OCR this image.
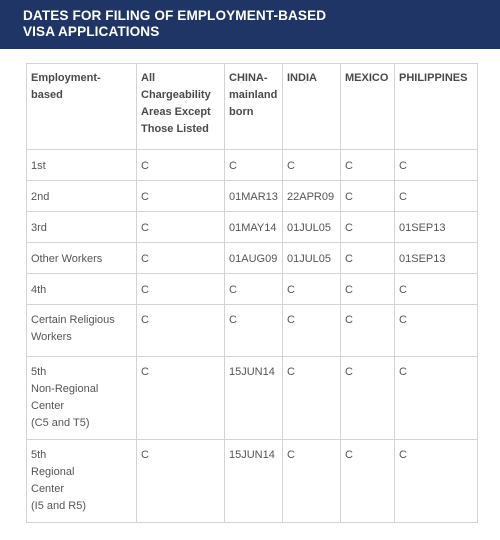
DATES FOR FILING OF EMPLOYMENT-BASED
VISA APPLICATIONS
Employment-
based	All
Chargeability
Areas Except
Those Listed	CHINA-
mainland
born	INDIA	MEXICO	PHILIPPINES
1st	C	C	C	C	C
2nd	C	01MAR13	22APR09	C	C
3rd	C	01MAY14	01JUL05	C	01SEP13
Other Workers	C	01AUG09	01JUL05	C	01SEP13
4th	C	C	C	C	C
Certain Religious
Workers	C	C	C	C	C
5th
Non-Regional
Center
(C5 and T5)	C	15JUN14	C	C	C
5th
Regional
Center
(I5 and R5)	C	15JUN14	C	C	C
